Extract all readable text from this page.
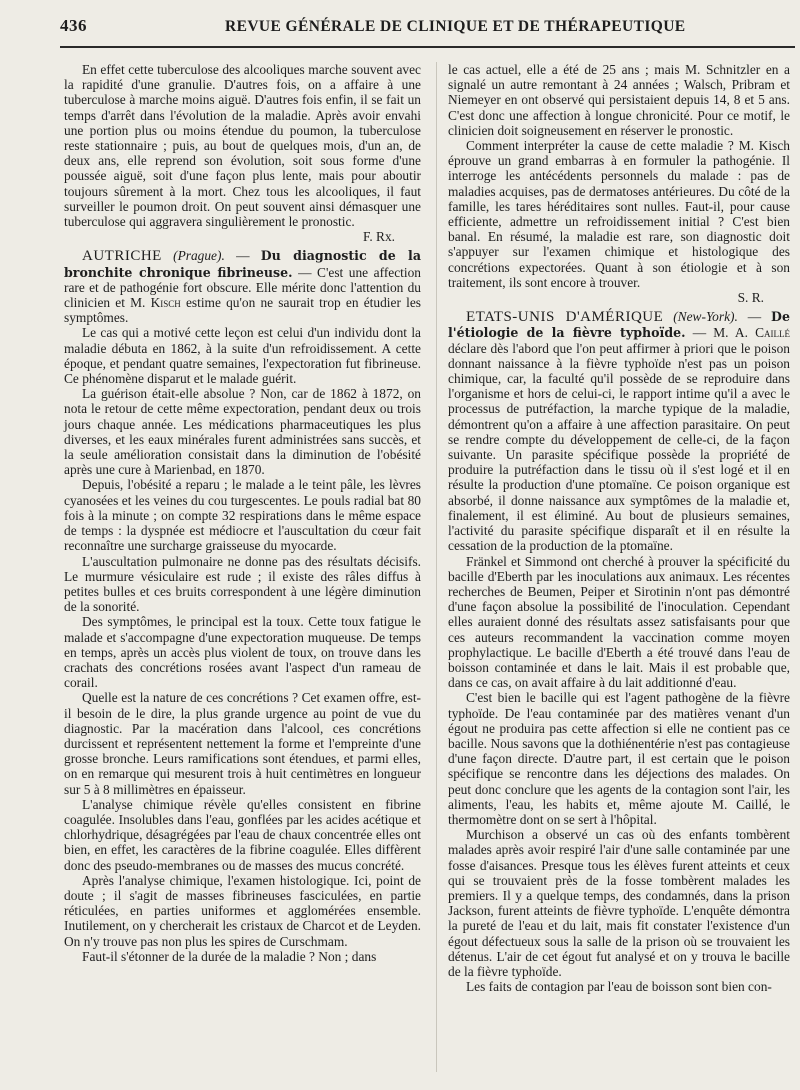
436	REVUE GÉNÉRALE DE CLINIQUE ET DE THÉRAPEUTIQUE

En effet cette tuberculose des alcooliques marche souvent avec la rapidité d'une granulie. D'autres fois, on a affaire à une tuberculose à marche moins aiguë. D'autres fois enfin, il se fait un temps d'arrêt dans l'évolution de la maladie. Après avoir envahi une portion plus ou moins étendue du poumon, la tuberculose reste stationnaire ; puis, au bout de quelques mois, d'un an, de deux ans, elle reprend son évolution, soit sous forme d'une poussée aiguë, soit d'une façon plus lente, mais pour aboutir toujours sûrement à la mort. Chez tous les alcooliques, il faut surveiller le poumon droit. On peut souvent ainsi démasquer une tuberculose qui aggravera singulièrement le pronostic.
F. Rx.

AUTRICHE (Prague). — Du diagnostic de la bronchite chronique fibrineuse. — C'est une affection rare et de pathogénie fort obscure. Elle mérite donc l'attention du clinicien et M. Kisch estime qu'on ne saurait trop en étudier les symptômes.

Le cas qui a motivé cette leçon est celui d'un individu dont la maladie débuta en 1862, à la suite d'un refroidissement. A cette époque, et pendant quatre semaines, l'expectoration fut fibrineuse. Ce phénomène disparut et le malade guérit.

La guérison était-elle absolue ? Non, car de 1862 à 1872, on nota le retour de cette même expectoration, pendant deux ou trois jours chaque année. Les médications pharmaceutiques les plus diverses, et les eaux minérales furent administrées sans succès, et la seule amélioration consistait dans la diminution de l'obésité après une cure à Marienbad, en 1870.

Depuis, l'obésité a reparu ; le malade a le teint pâle, les lèvres cyanosées et les veines du cou turgescentes. Le pouls radial bat 80 fois à la minute ; on compte 32 respirations dans le même espace de temps : la dyspnée est médiocre et l'auscultation du cœur fait reconnaître une surcharge graisseuse du myocarde.

L'auscultation pulmonaire ne donne pas des résultats décisifs. Le murmure vésiculaire est rude ; il existe des râles diffus à petites bulles et ces bruits correspondent à une légère diminution de la sonorité.

Des symptômes, le principal est la toux. Cette toux fatigue le malade et s'accompagne d'une expectoration muqueuse. De temps en temps, après un accès plus violent de toux, on trouve dans les crachats des concrétions rosées avant l'aspect d'un rameau de corail.

Quelle est la nature de ces concrétions ? Cet examen offre, est-il besoin de le dire, la plus grande urgence au point de vue du diagnostic. Par la macération dans l'alcool, ces concrétions durcissent et représentent nettement la forme et l'empreinte d'une grosse bronche. Leurs ramifications sont étendues, et parmi elles, on en remarque qui mesurent trois à huit centimètres en longueur sur 5 à 8 millimètres en épaisseur.

L'analyse chimique révèle qu'elles consistent en fibrine coagulée. Insolubles dans l'eau, gonflées par les acides acétique et chlorhydrique, désagrégées par l'eau de chaux concentrée elles ont bien, en effet, les caractères de la fibrine coagulée. Elles diffèrent donc des pseudo-membranes ou de masses des mucus concrété.

Après l'analyse chimique, l'examen histologique. Ici, point de doute ; il s'agit de masses fibrineuses fasciculées, en partie réticulées, en parties uniformes et agglomérées ensemble. Inutilement, on y chercherait les cristaux de Charcot et de Leyden. On n'y trouve pas non plus les spires de Curschmam.

Faut-il s'étonner de la durée de la maladie ? Non ; dans

le cas actuel, elle a été de 25 ans ; mais M. Schnitzler en a signalé un autre remontant à 24 années ; Walsch, Pribram et Niemeyer en ont observé qui persistaient depuis 14, 8 et 5 ans. C'est donc une affection à longue chronicité. Pour ce motif, le clinicien doit soigneusement en réserver le pronostic.

Comment interpréter la cause de cette maladie ? M. Kisch éprouve un grand embarras à en formuler la pathogénie. Il interroge les antécédents personnels du malade : pas de maladies acquises, pas de dermatoses antérieures. Du côté de la famille, les tares héréditaires sont nulles. Faut-il, pour cause efficiente, admettre un refroidissement initial ? C'est bien banal. En résumé, la maladie est rare, son diagnostic doit s'appuyer sur l'examen chimique et histologique des concrétions expectorées. Quant à son étiologie et à son traitement, ils sont encore à trouver.
S. R.

ETATS-UNIS D'AMÉRIQUE (New-York). — De l'étiologie de la fièvre typhoïde. — M. A. Caillé déclare dès l'abord que l'on peut affirmer à priori que le poison donnant naissance à la fièvre typhoïde n'est pas un poison chimique, car, la faculté qu'il possède de se reproduire dans l'organisme et hors de celui-ci, le rapport intime qu'il a avec le processus de putréfaction, la marche typique de la maladie, démontrent qu'on a affaire à une affection parasitaire. On peut se rendre compte du développement de celle-ci, de la façon suivante. Un parasite spécifique possède la propriété de produire la putréfaction dans le tissu où il s'est logé et il en résulte la production d'une ptomaïne. Ce poison organique est absorbé, il donne naissance aux symptômes de la maladie et, finalement, il est éliminé. Au bout de plusieurs semaines, l'activité du parasite spécifique disparaît et il en résulte la cessation de la production de la ptomaïne.

Fränkel et Simmond ont cherché à prouver la spécificité du bacille d'Eberth par les inoculations aux animaux. Les récentes recherches de Beumen, Peiper et Sirotinin n'ont pas démontré d'une façon absolue la possibilité de l'inoculation. Cependant elles auraient donné des résultats assez satisfaisants pour que ces auteurs recommandent la vaccination comme moyen prophylactique. Le bacille d'Eberth a été trouvé dans l'eau de boisson contaminée et dans le lait. Mais il est probable que, dans ce cas, on avait affaire à du lait additionné d'eau.

C'est bien le bacille qui est l'agent pathogène de la fièvre typhoïde. De l'eau contaminée par des matières venant d'un égout ne produira pas cette affection si elle ne contient pas ce bacille. Nous savons que la dothiénentérie n'est pas contagieuse d'une façon directe. D'autre part, il est certain que le poison spécifique se rencontre dans les déjections des malades. On peut donc conclure que les agents de la contagion sont l'air, les aliments, l'eau, les habits et, même ajoute M. Caillé, le thermomètre dont on se sert à l'hôpital.

Murchison a observé un cas où des enfants tombèrent malades après avoir respiré l'air d'une salle contaminée par une fosse d'aisances. Presque tous les élèves furent atteints et ceux qui se trouvaient près de la fosse tombèrent malades les premiers. Il y a quelque temps, des condamnés, dans la prison Jackson, furent atteints de fièvre typhoïde. L'enquête démontra la pureté de l'eau et du lait, mais fit constater l'existence d'un égout défectueux sous la salle de la prison où se trouvaient les détenus. L'air de cet égout fut analysé et on y trouva le bacille de la fièvre typhoïde.

Les faits de contagion par l'eau de boisson sont bien con-
